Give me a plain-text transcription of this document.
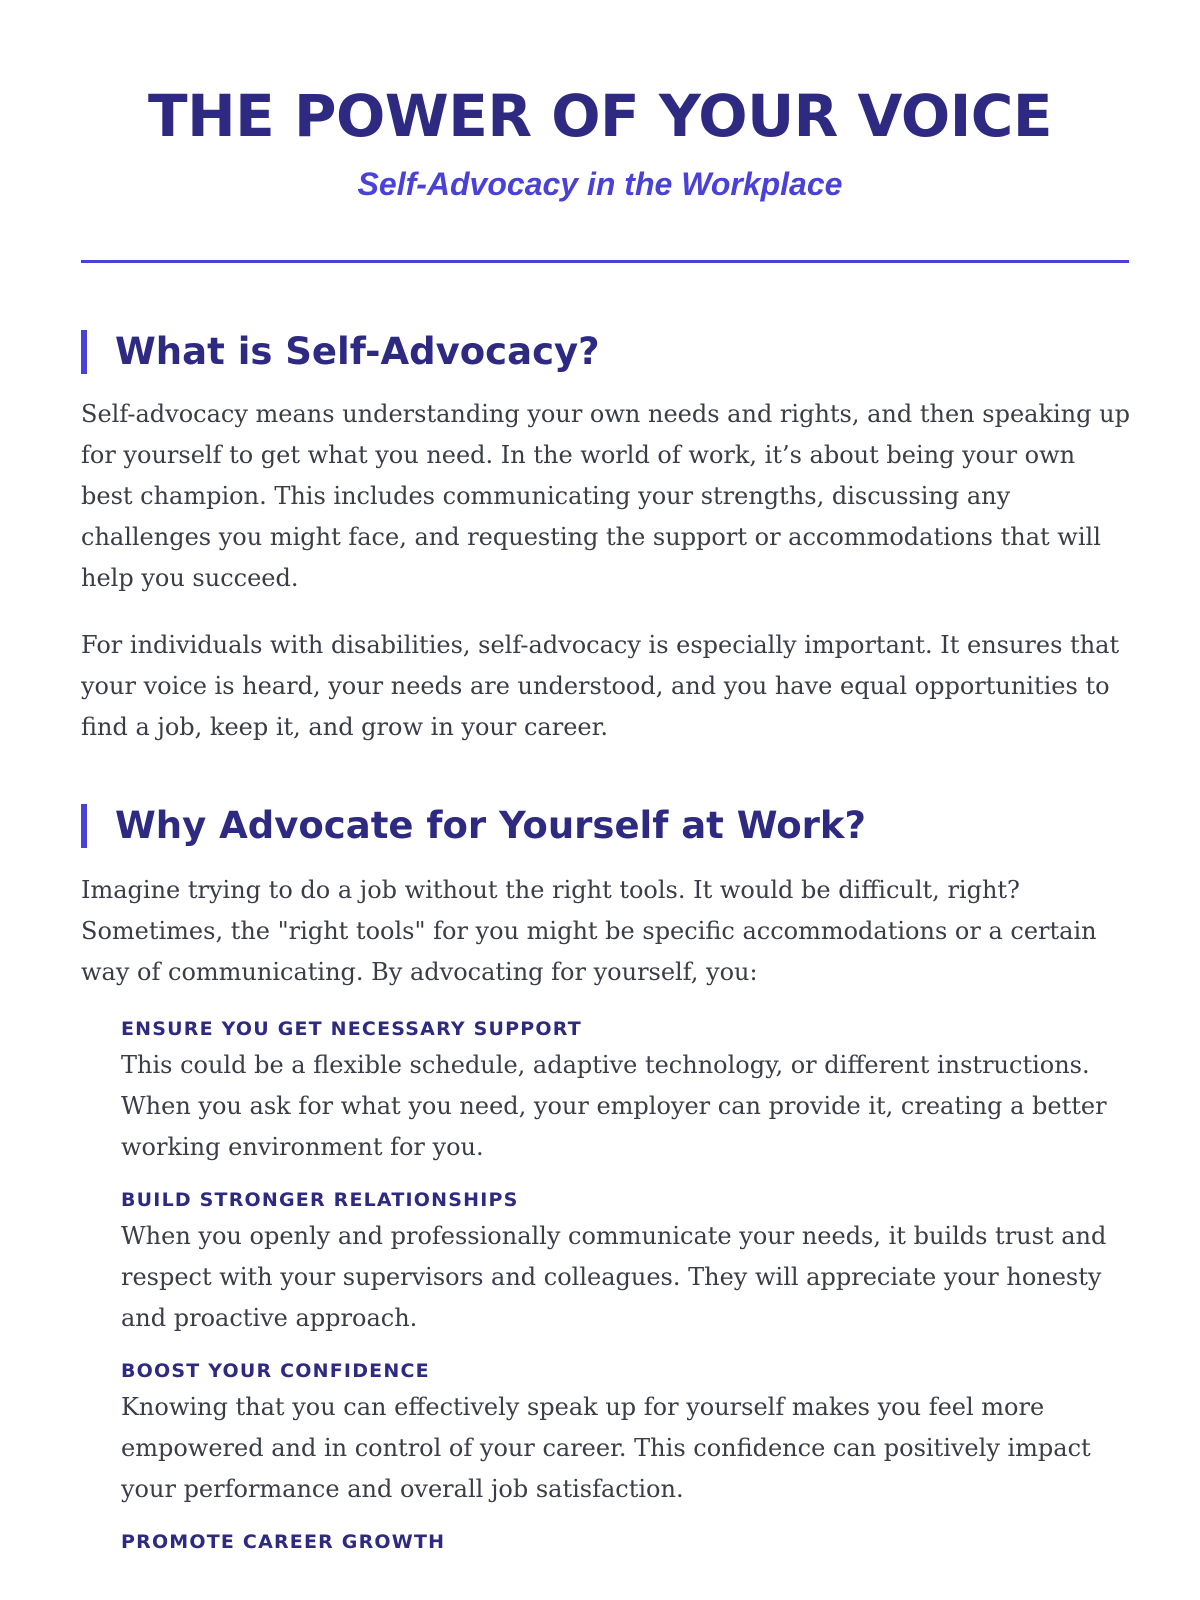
THE POWER OF YOUR VOICE
Self-Advocacy in the Workplace
What is Self-Advocacy?

Self-advocacy means understanding your own needs and rights, and then speaking up for yourself to get what you need. In the world of work, it’s about being your own best champion. This includes communicating your strengths, discussing any challenges you might face, and requesting the support or accommodations that will help you succeed.

For individuals with disabilities, self-advocacy is especially important. It ensures that your voice is heard, your needs are understood, and you have equal opportunities to find a job, keep it, and grow in your career.

Why Advocate for Yourself at Work?

Imagine trying to do a job without the right tools. It would be difficult, right? Sometimes, the "right tools" for you might be specific accommodations or a certain way of communicating. By advocating for yourself, you:

ENSURE YOU GET NECESSARY SUPPORT

This could be a flexible schedule, adaptive technology, or different instructions. When you ask for what you need, your employer can provide it, creating a better working environment for you.

BUILD STRONGER RELATIONSHIPS

When you openly and professionally communicate your needs, it builds trust and respect with your supervisors and colleagues. They will appreciate your honesty and proactive approach.

BOOST YOUR CONFIDENCE

Knowing that you can effectively speak up for yourself makes you feel more empowered and in control of your career. This confidence can positively impact your performance and overall job satisfaction.

PROMOTE CAREER GROWTH
